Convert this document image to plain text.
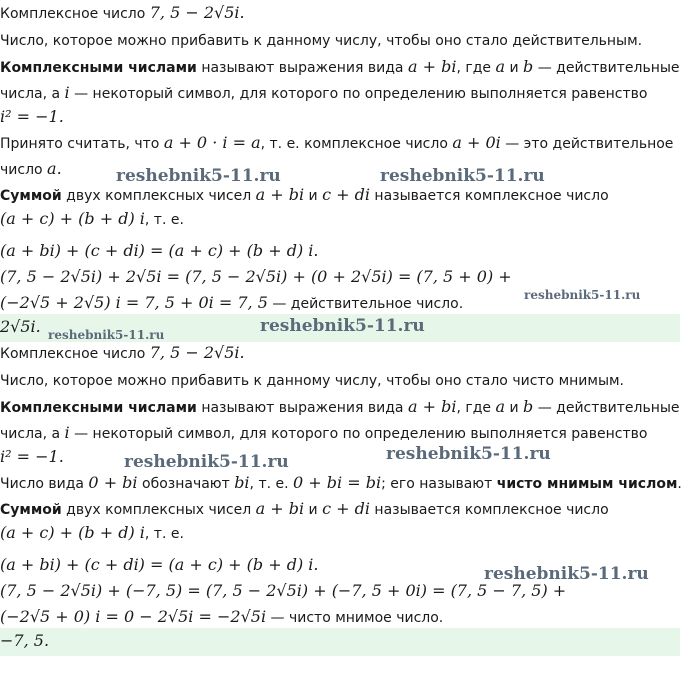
Комплексное число 7, 5 − 2√5i.
Число, которое можно прибавить к данному числу, чтобы оно стало действительным.
Комплексными числами называют выражения вида a + bi, где a и b — действительные
числа, а i — некоторый символ, для которого по определению выполняется равенство
i² = −1.
Принято считать, что a + 0 · i = a, т. е. комплексное число a + 0i — это действительное
число a.
Суммой двух комплексных чисел a + bi и c + di называется комплексное число
(a + c) + (b + d) i, т. е.
(a + bi) + (c + di) = (a + c) + (b + d) i.
(7, 5 − 2√5i) + 2√5i = (7, 5 − 2√5i) + (0 + 2√5i) = (7, 5 + 0) +
(−2√5 + 2√5) i = 7, 5 + 0i = 7, 5 — действительное число.
2√5i.
Комплексное число 7, 5 − 2√5i.
Число, которое можно прибавить к данному числу, чтобы оно стало чисто мнимым.
Комплексными числами называют выражения вида a + bi, где a и b — действительные
числа, а i — некоторый символ, для которого по определению выполняется равенство
i² = −1.
Число вида 0 + bi обозначают bi, т. е. 0 + bi = bi; его называют чисто мнимым числом.
Суммой двух комплексных чисел a + bi и c + di называется комплексное число
(a + c) + (b + d) i, т. е.
(a + bi) + (c + di) = (a + c) + (b + d) i.
(7, 5 − 2√5i) + (−7, 5) = (7, 5 − 2√5i) + (−7, 5 + 0i) = (7, 5 − 7, 5) +
(−2√5 + 0) i = 0 − 2√5i = −2√5i — чисто мнимое число.
−7, 5.
reshebnik5-11.ru	reshebnik5-11.ru
reshebnik5-11.ru
reshebnik5-11.ru	reshebnik5-11.ru
reshebnik5-11.ru	reshebnik5-11.ru
reshebnik5-11.ru
